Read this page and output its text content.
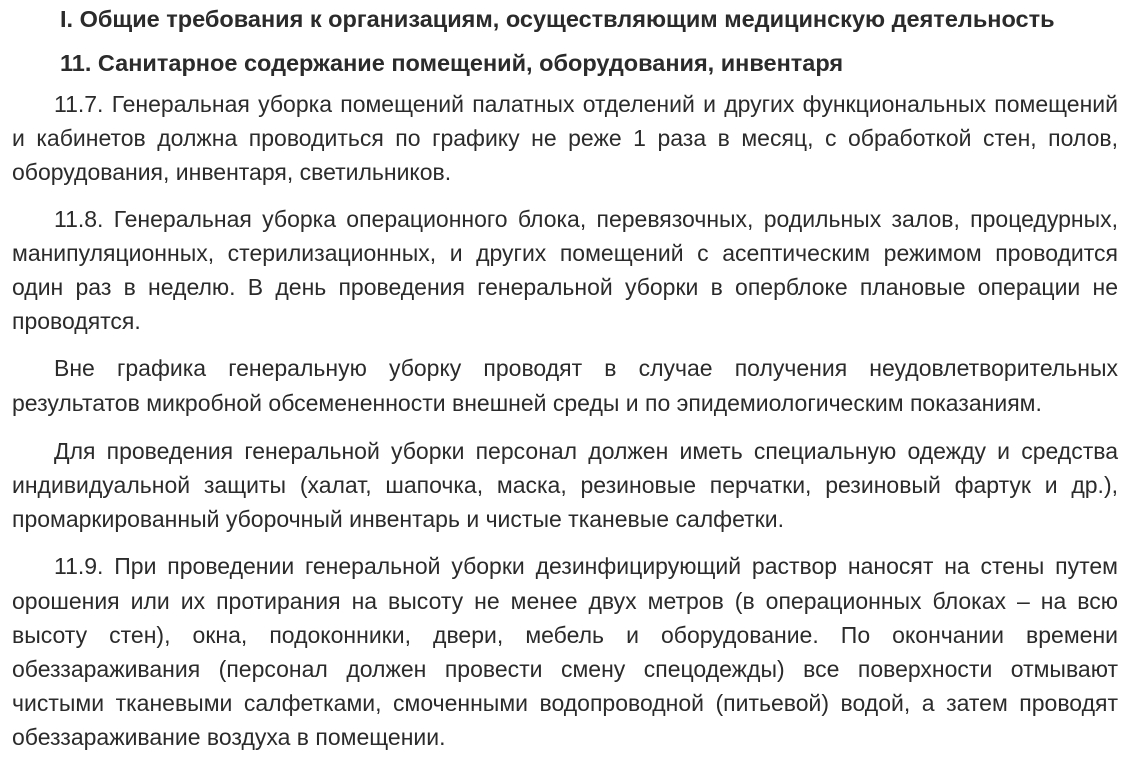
I. Общие требования к организациям, осуществляющим медицинскую деятельность
11. Санитарное содержание помещений, оборудования, инвентаря

11.7. Генеральная уборка помещений палатных отделений и других функциональных помещений и кабинетов должна проводиться по графику не реже 1 раза в месяц, с обработкой стен, полов, оборудования, инвентаря, светильников.

11.8. Генеральная уборка операционного блока, перевязочных, родильных залов, процедурных, манипуляционных, стерилизационных, и других помещений с асептическим режимом проводится один раз в неделю. В день проведения генеральной уборки в оперблоке плановые операции не проводятся.

Вне графика генеральную уборку проводят в случае получения неудовлетворительных результатов микробной обсемененности внешней среды и по эпидемиологическим показаниям.

Для проведения генеральной уборки персонал должен иметь специальную одежду и средства индивидуальной защиты (халат, шапочка, маска, резиновые перчатки, резиновый фартук и др.), промаркированный уборочный инвентарь и чистые тканевые салфетки.

11.9. При проведении генеральной уборки дезинфицирующий раствор наносят на стены путем орошения или их протирания на высоту не менее двух метров (в операционных блоках – на всю высоту стен), окна, подоконники, двери, мебель и оборудование. По окончании времени обеззараживания (персонал должен провести смену спецодежды) все поверхности отмывают чистыми тканевыми салфетками, смоченными водопроводной (питьевой) водой, а затем проводят обеззараживание воздуха в помещении.
